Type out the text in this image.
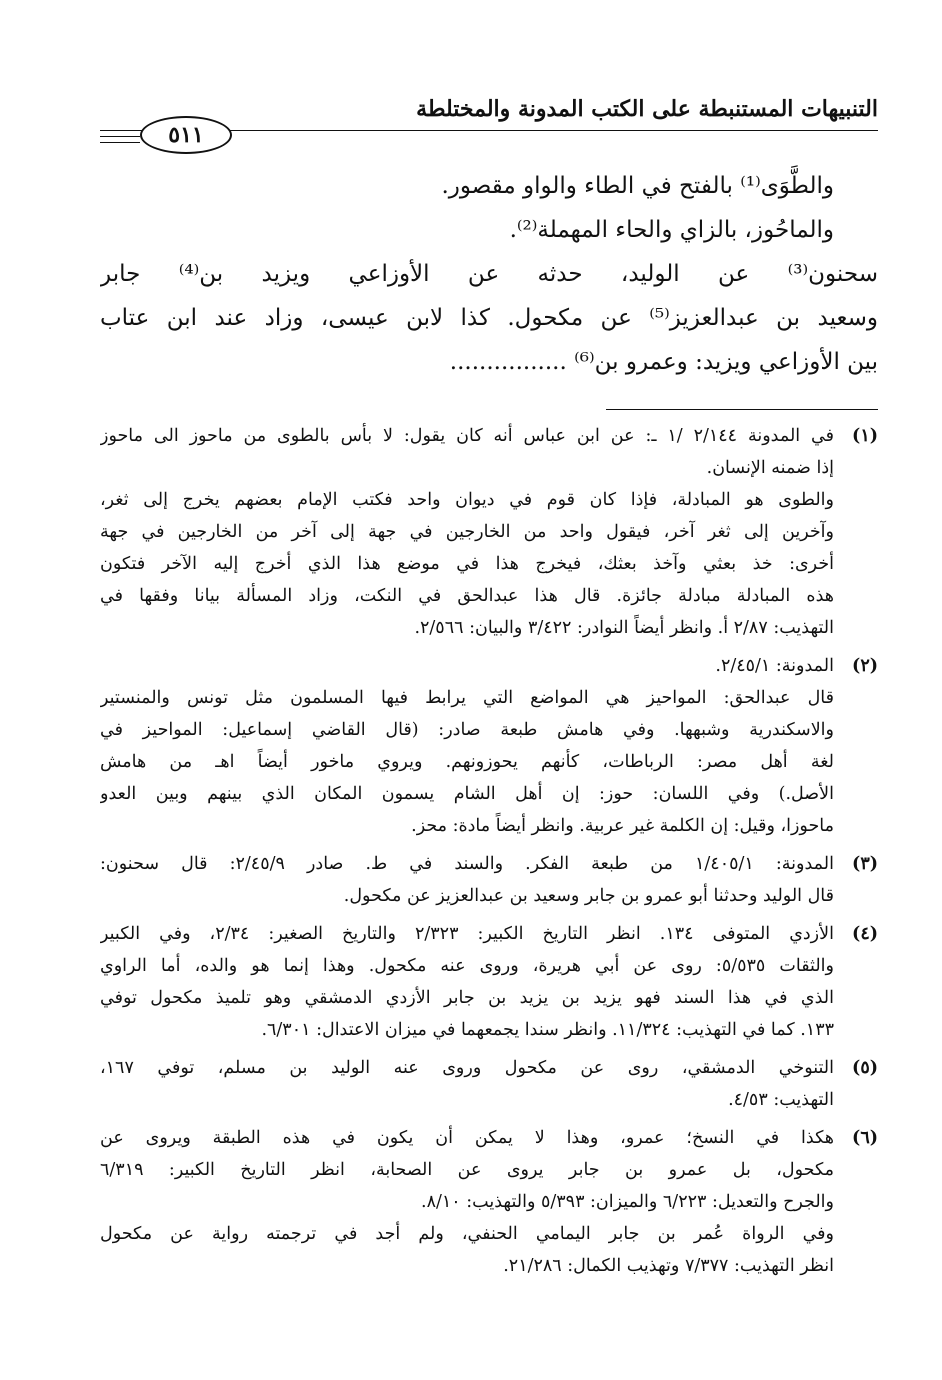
التنبيهات المستنبطة على الكتب المدونة والمختلطة
٥١١
والطَّوَى⁽¹⁾ بالفتح في الطاء والواو مقصور.
والماحُوز، بالزاي والحاء المهملة⁽²⁾.
سحنون⁽³⁾ عن الوليد، حدثه عن الأوزاعي ويزيد بن⁽⁴⁾ جابر
وسعيد بن عبدالعزيز⁽⁵⁾ عن مكحول. كذا لابن عيسى، وزاد عند ابن عتاب
بين الأوزاعي ويزيد: وعمرو بن⁽⁶⁾ ................
(١)
في المدونة ٢/١٤٤ /١ ـ: عن ابن عباس أنه كان يقول: لا بأس بالطوى من ماحوز الى ماحوز
إذا ضمنه الإنسان.
والطوى هو المبادلة، فإذا كان قوم في ديوان واحد فكتب الإمام بعضهم يخرج إلى ثغر،
وآخرين إلى ثغر آخر، فيقول واحد من الخارجين في جهة إلى آخر من الخارجين في جهة
أخرى: خذ بعثي وآخذ بعثك، فيخرج هذا في موضع هذا الذي أخرج إليه الآخر فتكون
هذه المبادلة مبادلة جائزة. قال هذا عبدالحق في النكت، وزاد المسألة بيانا وفقها في
التهذيب: ٢/٨٧ أ. وانظر أيضاً النوادر: ٣/٤٢٢ والبيان: ٢/٥٦٦.
(٢)
المدونة: ٢/٤٥/١.
قال عبدالحق: المواحيز هي المواضع التي يرابط فيها المسلمون مثل تونس والمنستير
والاسكندرية وشبهها. وفي هامش طبعة صادر: (قال القاضي إسماعيل: المواحيز في
لغة أهل مصر: الرباطات، كأنهم يحوزونهم. ويروي ماخور أيضاً اهـ من هامش
الأصل.) وفي اللسان: حوز: إن أهل الشام يسمون المكان الذي بينهم وبين العدو
ماحوزا، وقيل: إن الكلمة غير عربية. وانظر أيضاً مادة: محز.
(٣)
المدونة: ١/٤٠٥/١ من طبعة الفكر. والسند في ط. صادر ٢/٤٥/٩: قال سحنون:
قال الوليد وحدثنا أبو عمرو بن جابر وسعيد بن عبدالعزيز عن مكحول.
(٤)
الأزدي المتوفى ١٣٤. انظر التاريخ الكبير: ٢/٣٢٣ والتاريخ الصغير: ٢/٣٤، وفي الكبير
والثقات ٥/٥٣٥: روى عن أبي هريرة، وروى عنه مكحول. وهذا إنما هو والده، أما الراوي
الذي في هذا السند فهو يزيد بن يزيد بن جابر الأزدي الدمشقي وهو تلميذ مكحول توفي
١٣٣. كما في التهذيب: ١١/٣٢٤. وانظر سندا يجمعهما في ميزان الاعتدال: ٦/٣٠١.
(٥)
التنوخي الدمشقي، روى عن مكحول وروى عنه الوليد بن مسلم، توفي ١٦٧،
التهذيب: ٤/٥٣.
(٦)
هكذا في النسخ؛ عمرو، وهذا لا يمكن أن يكون في هذه الطبقة ويروى عن
مكحول، بل عمرو بن جابر يروى عن الصحابة، انظر التاريخ الكبير: ٦/٣١٩
والجرح والتعديل: ٦/٢٢٣ والميزان: ٥/٣٩٣ والتهذيب: ٨/١٠.
وفي الرواة عُمر بن جابر اليمامي الحنفي، ولم أجد في ترجمته رواية عن مكحول
انظر التهذيب: ٧/٣٧٧ وتهذيب الكمال: ٢١/٢٨٦.
